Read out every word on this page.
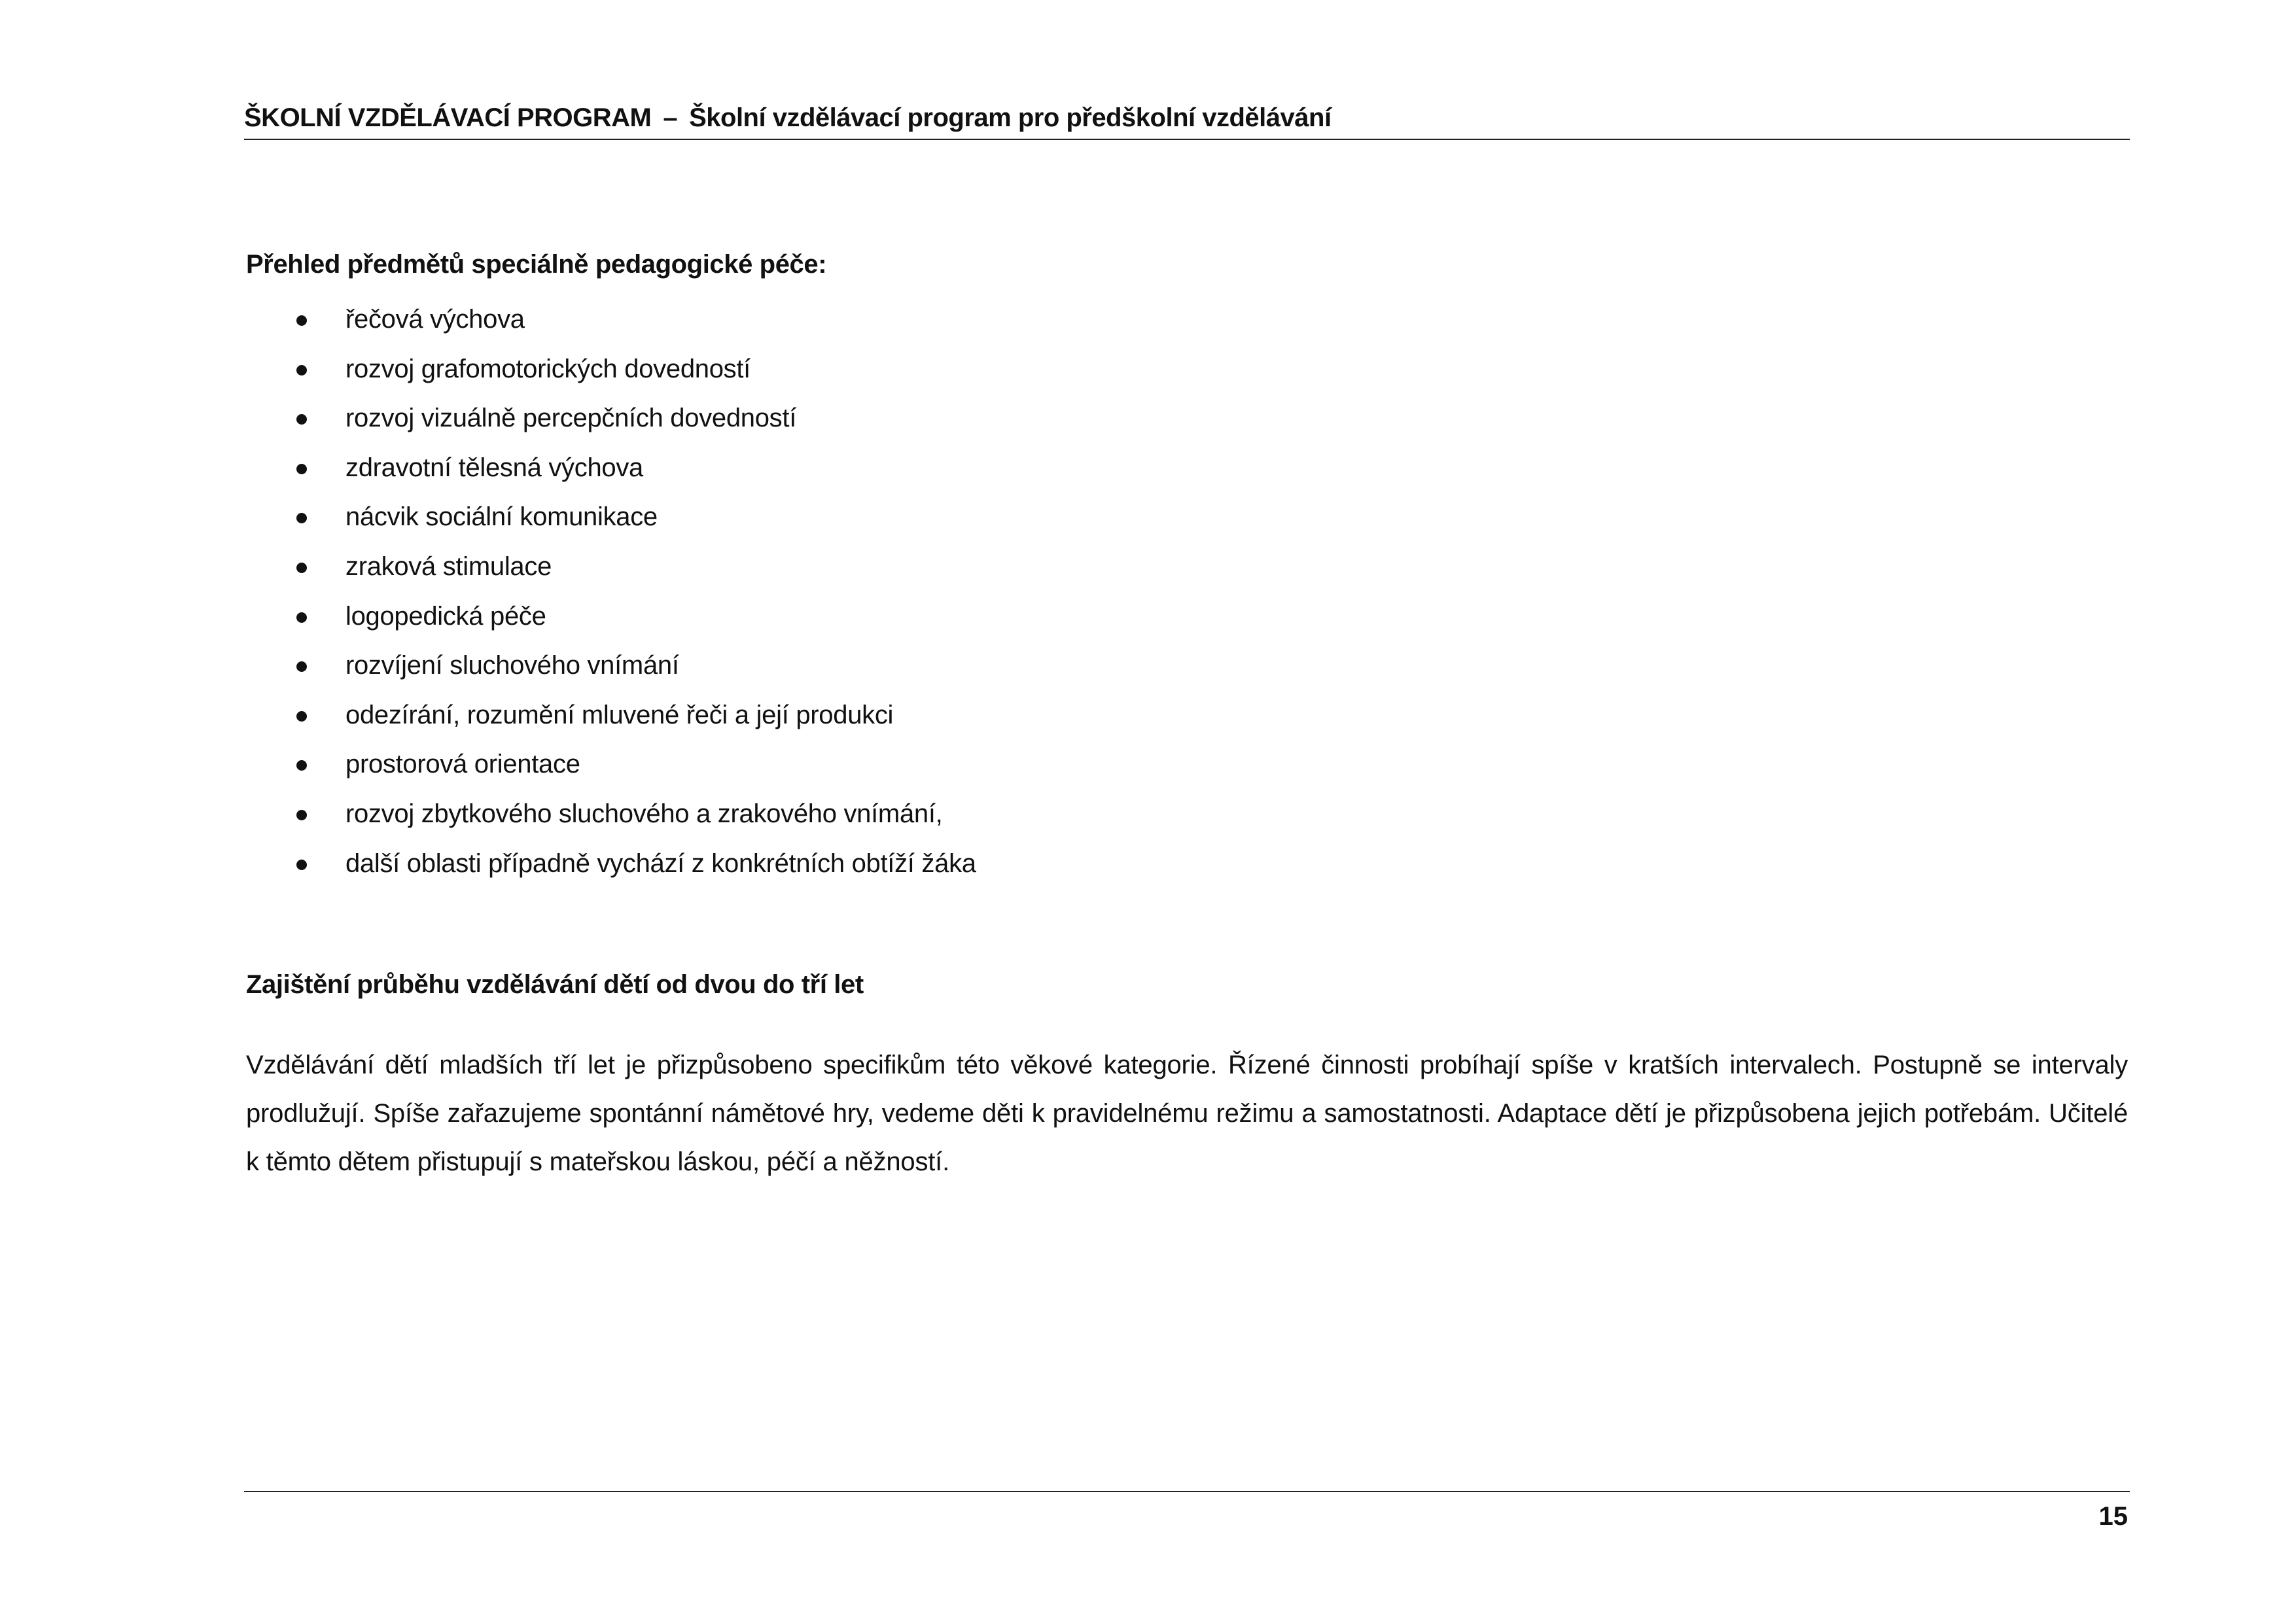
ŠKOLNÍ VZDĚLÁVACÍ PROGRAM – Školní vzdělávací program pro předškolní vzdělávání
Přehled předmětů speciálně pedagogické péče:
řečová výchova
rozvoj grafomotorických dovedností
rozvoj vizuálně percepčních dovedností
zdravotní tělesná výchova
nácvik sociální komunikace
zraková stimulace
logopedická péče
rozvíjení sluchového vnímání
odezírání, rozumění mluvené řeči a její produkci
prostorová orientace
rozvoj zbytkového sluchového a zrakového vnímání,
další oblasti případně vychází z konkrétních obtíží žáka
Zajištění průběhu vzdělávání dětí od dvou do tří let

Vzdělávání dětí mladších tří let je přizpůsobeno specifikům této věkové kategorie. Řízené činnosti probíhají spíše v kratších intervalech. Postupně se intervaly prodlužují. Spíše zařazujeme spontánní námětové hry, vedeme děti k pravidelnému režimu a samostatnosti. Adaptace dětí je přizpůsobena jejich potřebám. Učitelé k těmto dětem přistupují s mateřskou láskou, péčí a něžností.

15
